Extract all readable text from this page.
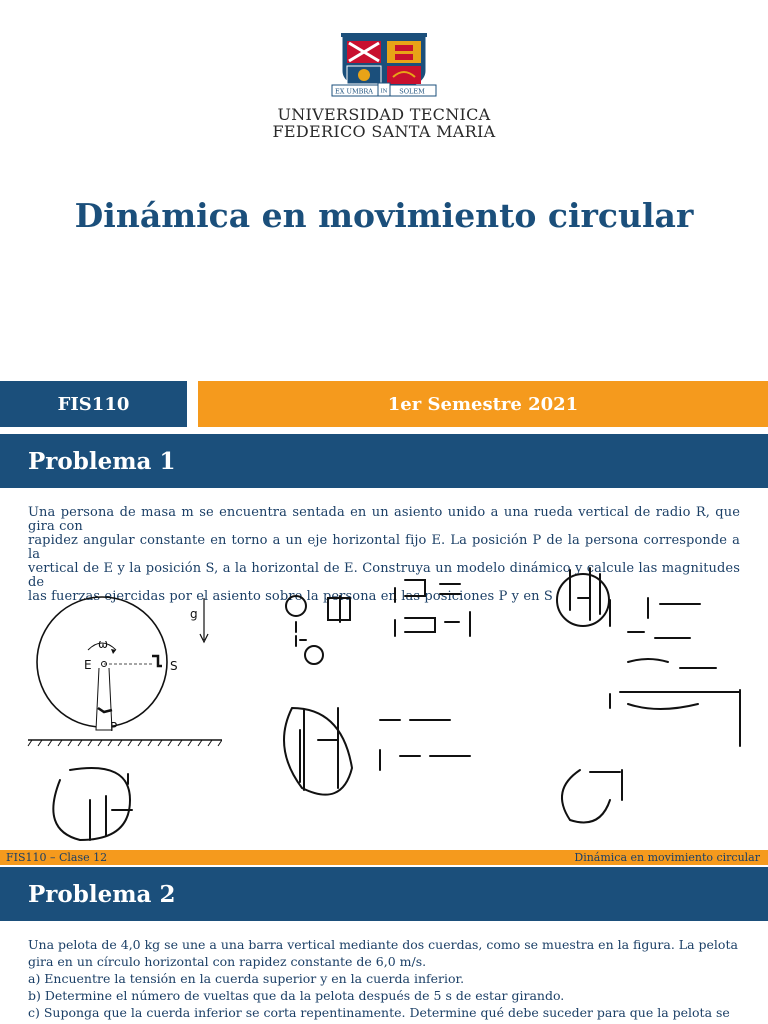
EX UMBRA IN SOLEM
UNIVERSIDAD TECNICA
FEDERICO SANTA MARIA
Dinámica en movimiento circular
FIS110	1er Semestre 2021
Problema 1
Una persona de masa m se encuentra sentada en un asiento unido a una rueda vertical de radio R, que gira con
rapidez angular constante en torno a un eje horizontal fijo E. La posición P de la persona corresponde a la
vertical de E y la posición S, a la horizontal de E. Construya un modelo dinámico y calcule las magnitudes de
las fuerzas ejercidas por el asiento sobre la persona en las posiciones P y en S
ω
E	S
P
g
FIS110 – Clase 12	Dinámica en movimiento circular
Problema 2
Una pelota de 4,0 kg se une a una barra vertical mediante dos cuerdas, como se muestra en la figura. La pelota
gira en un círculo horizontal con rapidez constante de 6,0 m/s.
a) Encuentre la tensión en la cuerda superior y en la cuerda inferior.
b) Determine el número de vueltas que da la pelota después de 5 s de estar girando.
c) Suponga que la cuerda inferior se corta repentinamente. Determine qué debe suceder para que la pelota se
